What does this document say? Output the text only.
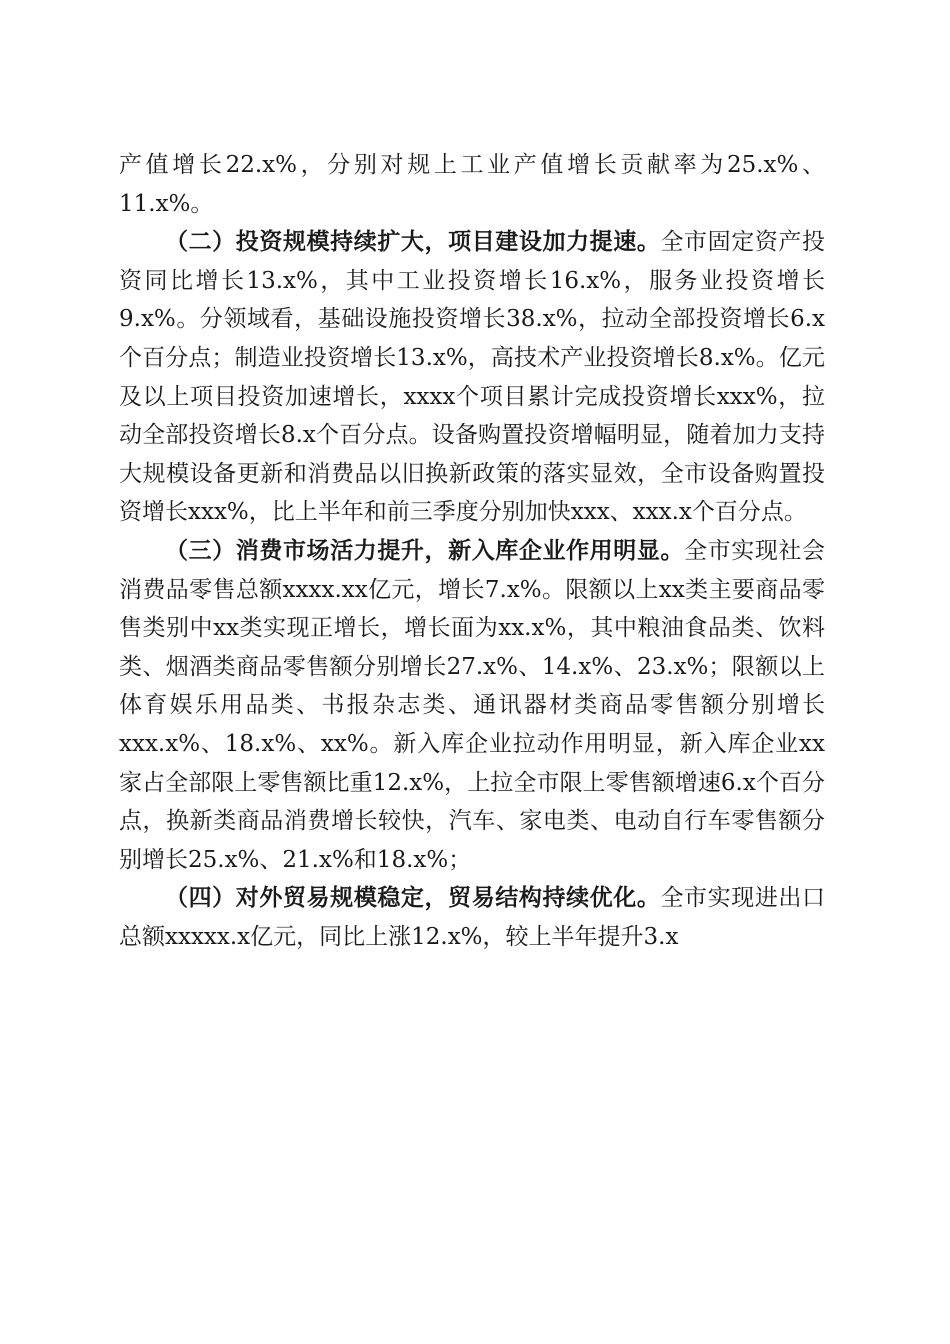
产值增长22.x%，分别对规上工业产值增长贡献率为25.x%、11.x%。

（二）投资规模持续扩大，项目建设加力提速。全市固定资产投资同比增长13.x%，其中工业投资增长16.x%，服务业投资增长9.x%。分领域看，基础设施投资增长38.x%，拉动全部投资增长6.x个百分点；制造业投资增长13.x%，高技术产业投资增长8.x%。亿元及以上项目投资加速增长，xxxx个项目累计完成投资增长xxx%，拉动全部投资增长8.x个百分点。设备购置投资增幅明显，随着加力支持大规模设备更新和消费品以旧换新政策的落实显效，全市设备购置投资增长xxx%，比上半年和前三季度分别加快xxx、xxx.x个百分点。

（三）消费市场活力提升，新入库企业作用明显。全市实现社会消费品零售总额xxxx.xx亿元，增长7.x%。限额以上xx类主要商品零售类别中xx类实现正增长，增长面为xx.x%，其中粮油食品类、饮料类、烟酒类商品零售额分别增长27.x%、14.x%、23.x%；限额以上体育娱乐用品类、书报杂志类、通讯器材类商品零售额分别增长xxx.x%、18.x%、xx%。新入库企业拉动作用明显，新入库企业xx家占全部限上零售额比重12.x%，上拉全市限上零售额增速6.x个百分点，换新类商品消费增长较快，汽车、家电类、电动自行车零售额分别增长25.x%、21.x%和18.x%；

（四）对外贸易规模稳定，贸易结构持续优化。全市实现进出口总额xxxxx.x亿元，同比上涨12.x%，较上半年提升3.x
